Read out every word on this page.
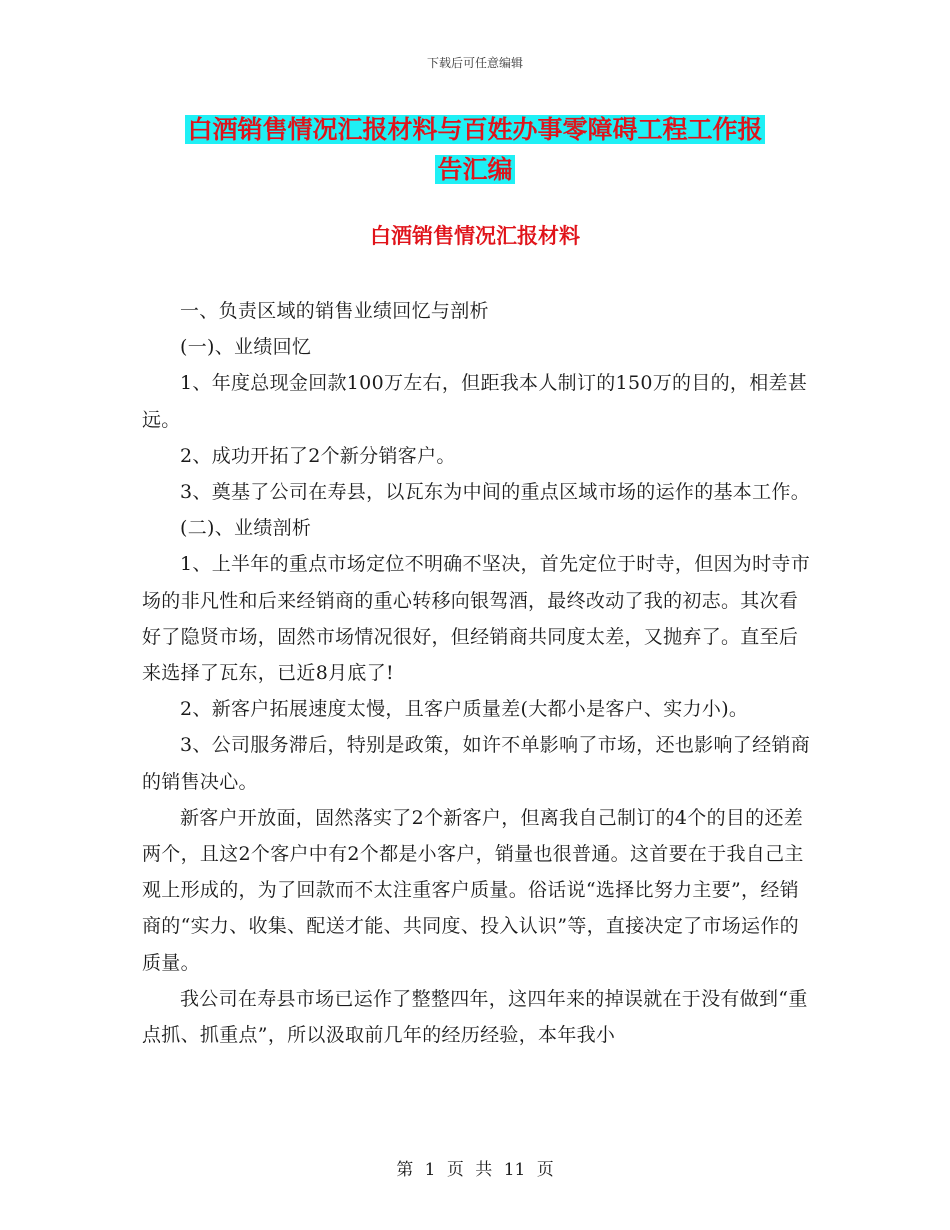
下载后可任意编辑
白酒销售情况汇报材料与百姓办事零障碍工程工作报
告汇编
白酒销售情况汇报材料

一、负责区域的销售业绩回忆与剖析

(一)、业绩回忆

1、年度总现金回款100万左右，但距我本人制订的150万的目的，相差甚远。

2、成功开拓了2个新分销客户。

3、奠基了公司在寿县，以瓦东为中间的重点区域市场的运作的基本工作。

(二)、业绩剖析

1、上半年的重点市场定位不明确不坚决，首先定位于时寺，但因为时寺市场的非凡性和后来经销商的重心转移向银驾酒，最终改动了我的初志。其次看好了隐贤市场，固然市场情况很好，但经销商共同度太差，又抛弃了。直至后来选择了瓦东，已近8月底了!

2、新客户拓展速度太慢，且客户质量差(大都小是客户、实力小)。

3、公司服务滞后，特别是政策，如许不单影响了市场，还也影响了经销商的销售决心。

新客户开放面，固然落实了2个新客户，但离我自己制订的4个的目的还差两个，且这2个客户中有2个都是小客户，销量也很普通。这首要在于我自己主观上形成的，为了回款而不太注重客户质量。俗话说“选择比努力主要”，经销商的“实力、收集、配送才能、共同度、投入认识”等，直接决定了市场运作的质量。

我公司在寿县市场已运作了整整四年，这四年来的掉误就在于没有做到“重点抓、抓重点”，所以汲取前几年的经历经验，本年我小

第 1 页 共 11 页
